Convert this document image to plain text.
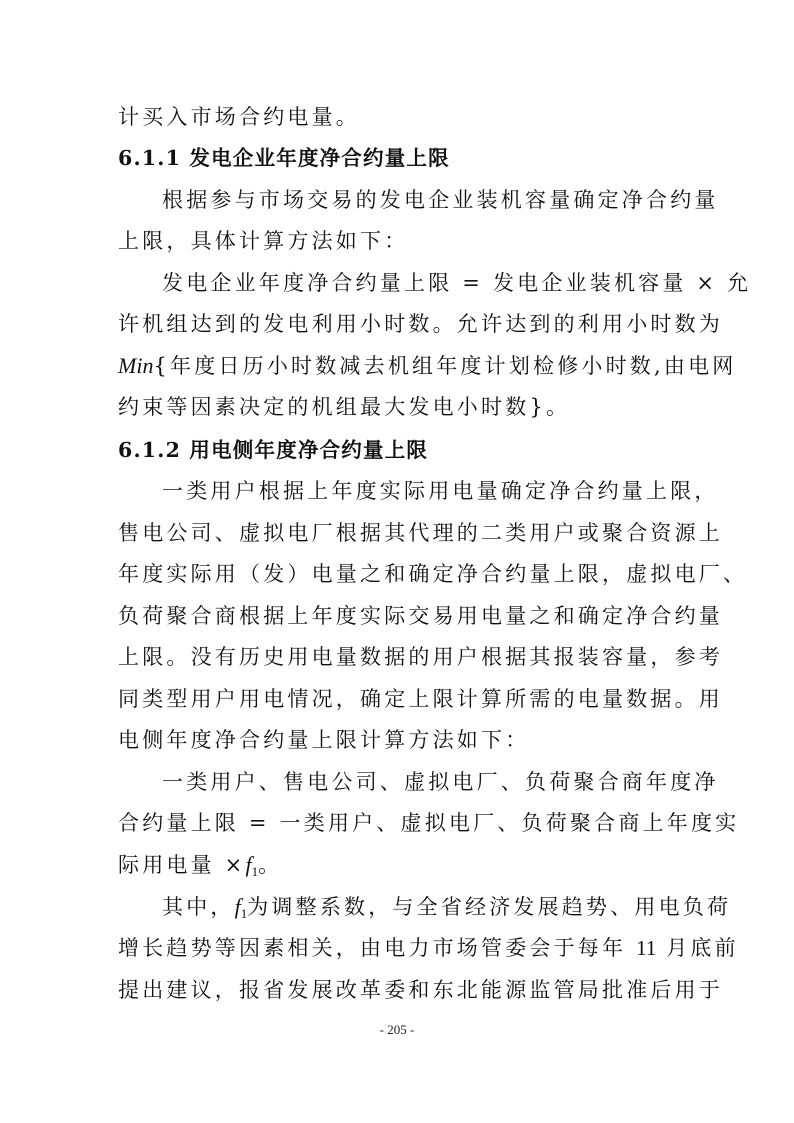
计买入市场合约电量。
6.1.1 发电企业年度净合约量上限
根据参与市场交易的发电企业装机容量确定净合约量
上限，具体计算方法如下：
发电企业年度净合约量上限 = 发电企业装机容量 × 允
许机组达到的发电利用小时数。允许达到的利用小时数为
Min{年度日历小时数减去机组年度计划检修小时数,由电网
约束等因素决定的机组最大发电小时数}。
6.1.2 用电侧年度净合约量上限
一类用户根据上年度实际用电量确定净合约量上限，
售电公司、虚拟电厂根据其代理的二类用户或聚合资源上
年度实际用（发）电量之和确定净合约量上限，虚拟电厂、
负荷聚合商根据上年度实际交易用电量之和确定净合约量
上限。没有历史用电量数据的用户根据其报装容量，参考
同类型用户用电情况，确定上限计算所需的电量数据。用
电侧年度净合约量上限计算方法如下：
一类用户、售电公司、虚拟电厂、负荷聚合商年度净
合约量上限 = 一类用户、虚拟电厂、负荷聚合商上年度实
际用电量 $\times f_1$。
其中，$f_1$为调整系数，与全省经济发展趋势、用电负荷
增长趋势等因素相关，由电力市场管委会于每年 11 月底前
提出建议，报省发展改革委和东北能源监管局批准后用于
- 205 -
